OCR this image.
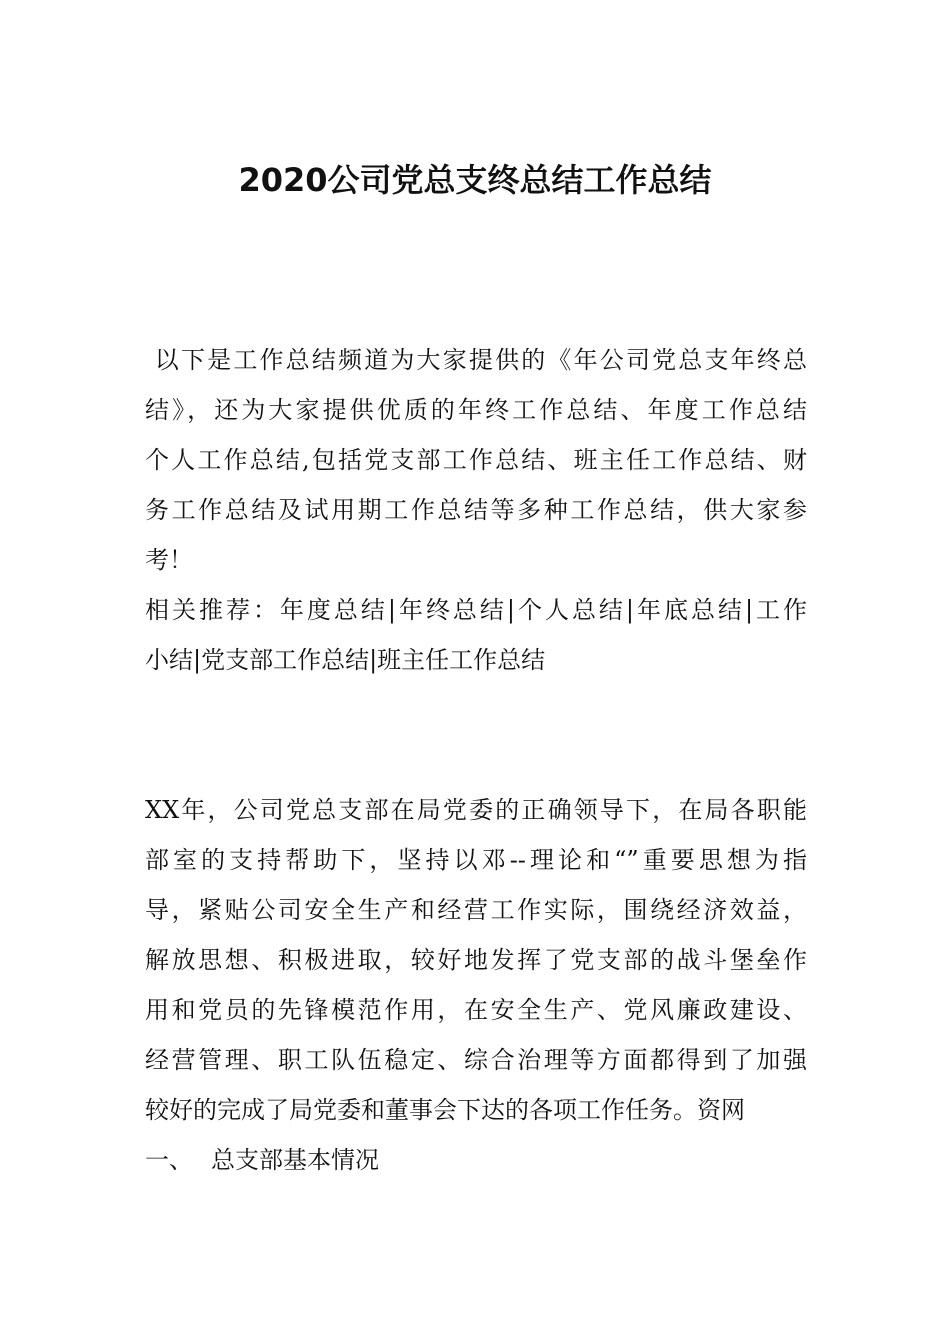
2020公司党总支终总结工作总结
以下是工作总结频道为大家提供的《年公司党总支年终总
结》，还为大家提供优质的年终工作总结、年度工作总结
个人工作总结,包括党支部工作总结、班主任工作总结、财
务工作总结及试用期工作总结等多种工作总结，供大家参
考！
相关推荐：年度总结|年终总结|个人总结|年底总结|工作
小结|党支部工作总结|班主任工作总结
XX年，公司党总支部在局党委的正确领导下，在局各职能
部室的支持帮助下，坚持以邓--理论和“”重要思想为指
导，紧贴公司安全生产和经营工作实际，围绕经济效益，
解放思想、积极进取，较好地发挥了党支部的战斗堡垒作
用和党员的先锋模范作用，在安全生产、党风廉政建设、
经营管理、职工队伍稳定、综合治理等方面都得到了加强
较好的完成了局党委和董事会下达的各项工作任务。资网
一、 总支部基本情况
